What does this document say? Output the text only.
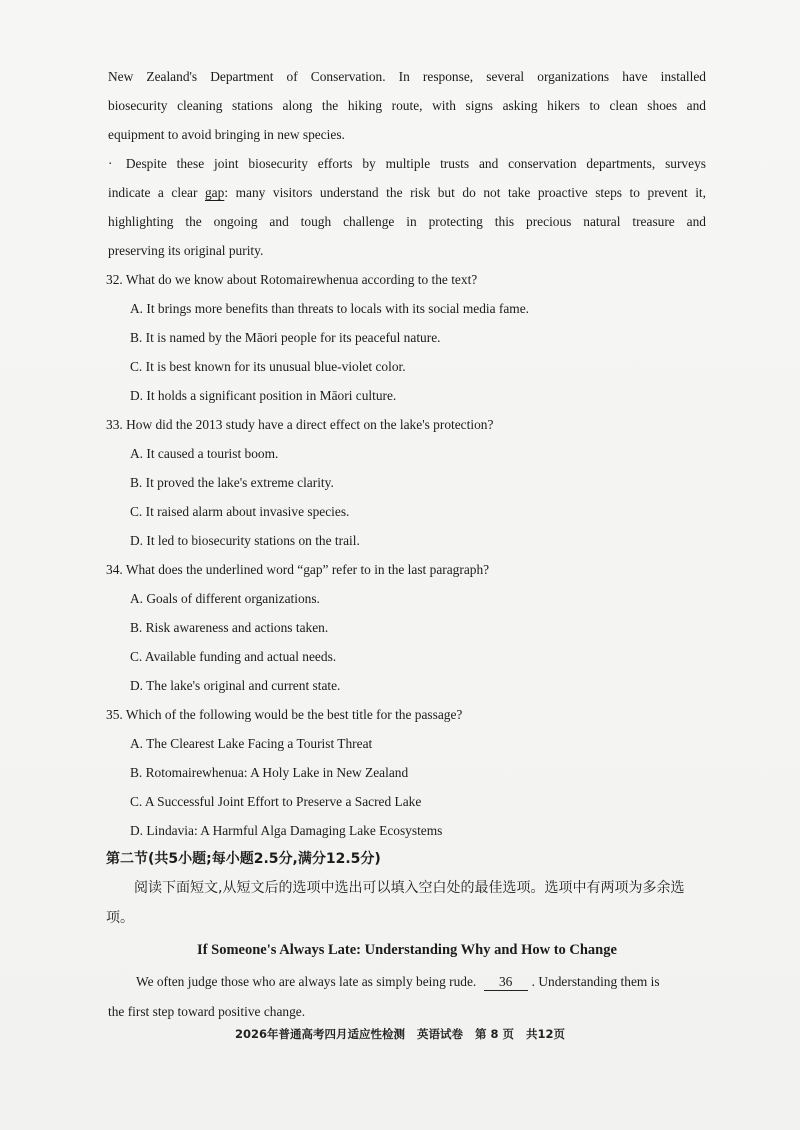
New Zealand's Department of Conservation. In response, several organizations have installed
biosecurity cleaning stations along the hiking route, with signs asking hikers to clean shoes and
equipment to avoid bringing in new species.
· Despite these joint biosecurity efforts by multiple trusts and conservation departments, surveys
indicate a clear gap: many visitors understand the risk but do not take proactive steps to prevent it,
highlighting the ongoing and tough challenge in protecting this precious natural treasure and
preserving its original purity.
32. What do we know about Rotomairewhenua according to the text?
A. It brings more benefits than threats to locals with its social media fame.
B. It is named by the Māori people for its peaceful nature.
C. It is best known for its unusual blue-violet color.
D. It holds a significant position in Māori culture.
33. How did the 2013 study have a direct effect on the lake's protection?
A. It caused a tourist boom.
B. It proved the lake's extreme clarity.
C. It raised alarm about invasive species.
D. It led to biosecurity stations on the trail.
34. What does the underlined word “gap” refer to in the last paragraph?
A. Goals of different organizations.
B. Risk awareness and actions taken.
C. Available funding and actual needs.
D. The lake's original and current state.
35. Which of the following would be the best title for the passage?
A. The Clearest Lake Facing a Tourist Threat
B. Rotomairewhenua: A Holy Lake in New Zealand
C. A Successful Joint Effort to Preserve a Sacred Lake
D. Lindavia: A Harmful Alga Damaging Lake Ecosystems
第二节(共5小题;每小题2.5分,满分12.5分)
阅读下面短文,从短文后的选项中选出可以填入空白处的最佳选项。选项中有两项为多余选项。
If Someone's Always Late: Understanding Why and How to Change
We often judge those who are always late as simply being rude. 36 . Understanding them is
the first step toward positive change.
2026年普通高考四月适应性检测 英语试卷 第 8 页 共12页
